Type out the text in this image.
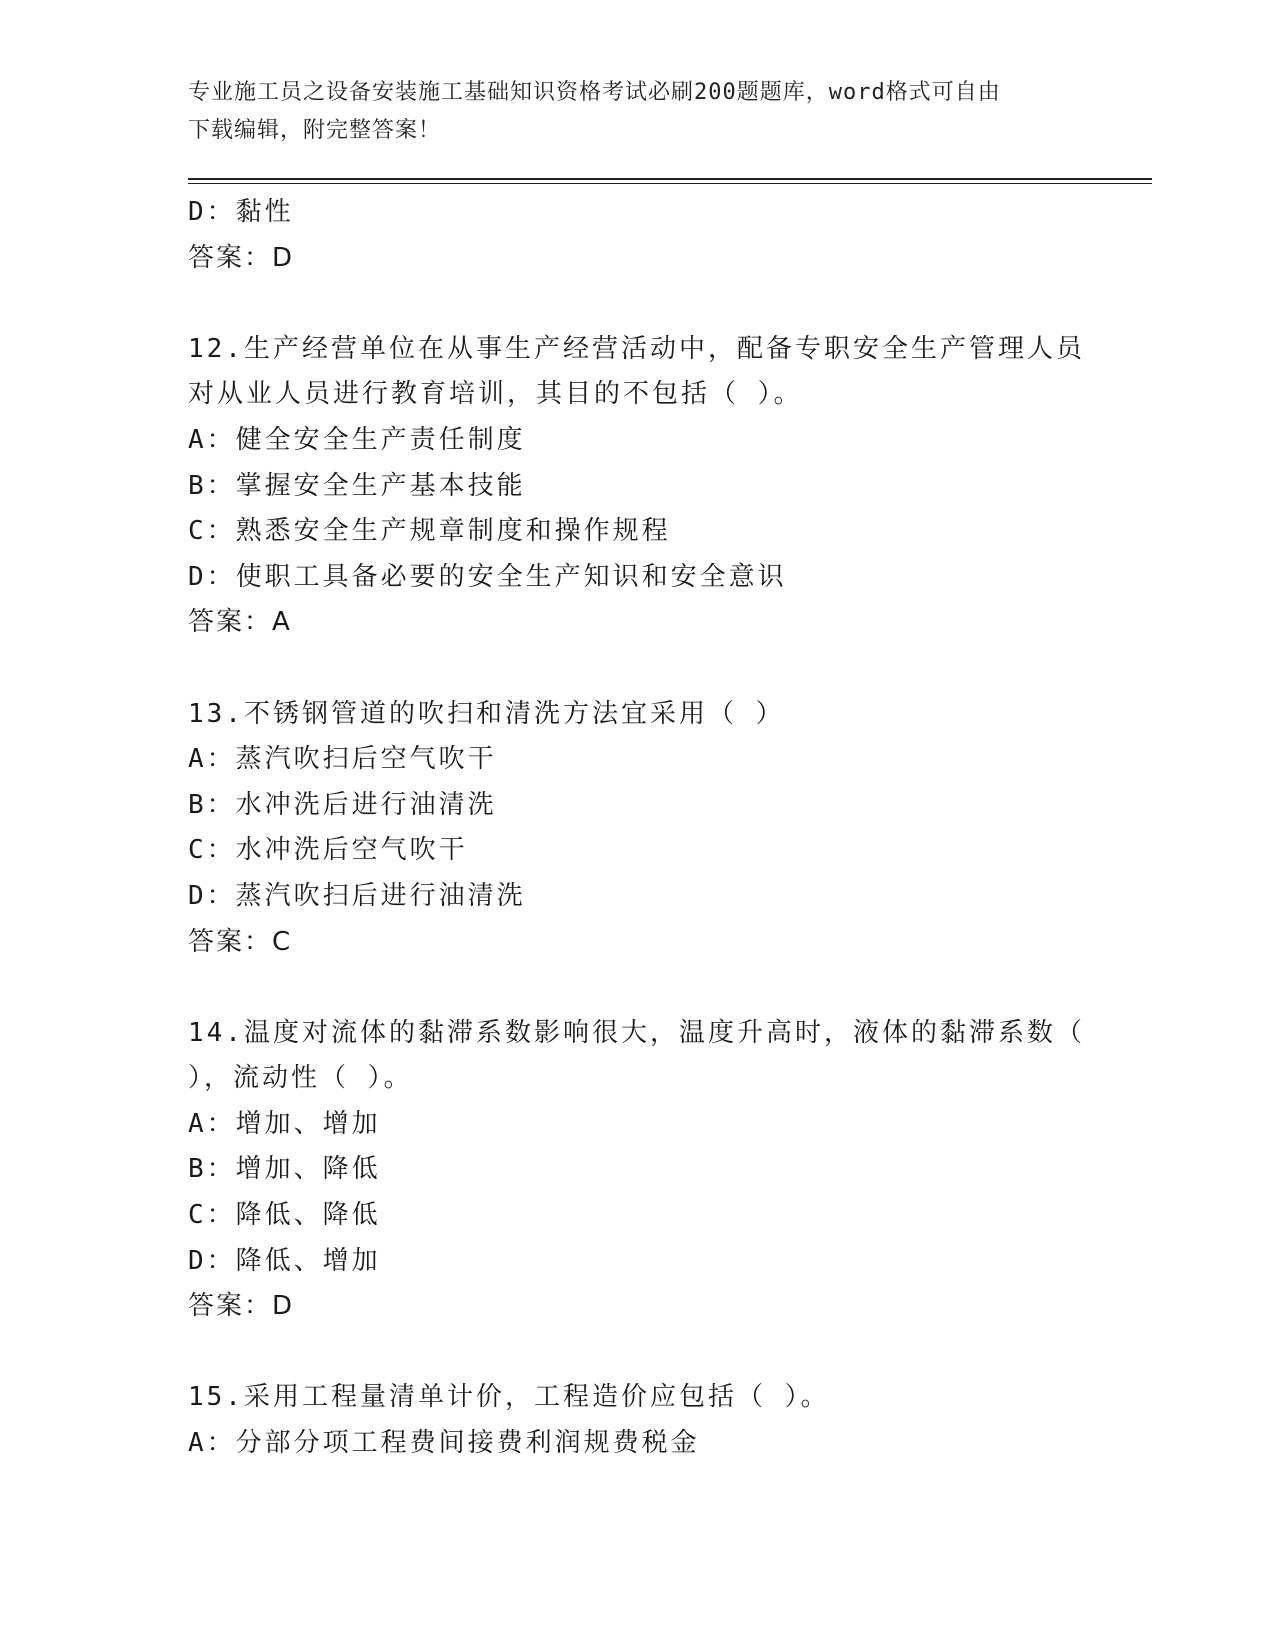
专业施工员之设备安装施工基础知识资格考试必刷200题题库，word格式可自由
下载编辑，附完整答案！
D：黏性
答案：D
12.生产经营单位在从事生产经营活动中，配备专职安全生产管理人员
对从业人员进行教育培训，其目的不包括（ ）。
A：健全安全生产责任制度
B：掌握安全生产基本技能
C：熟悉安全生产规章制度和操作规程
D：使职工具备必要的安全生产知识和安全意识
答案：A
13.不锈钢管道的吹扫和清洗方法宜采用（ ）
A：蒸汽吹扫后空气吹干
B：水冲洗后进行油清洗
C：水冲洗后空气吹干
D：蒸汽吹扫后进行油清洗
答案：C
14.温度对流体的黏滞系数影响很大，温度升高时，液体的黏滞系数（
），流动性（ ）。
A：增加、增加
B：增加、降低
C：降低、降低
D：降低、增加
答案：D
15.采用工程量清单计价，工程造价应包括（ ）。
A：分部分项工程费间接费利润规费税金
